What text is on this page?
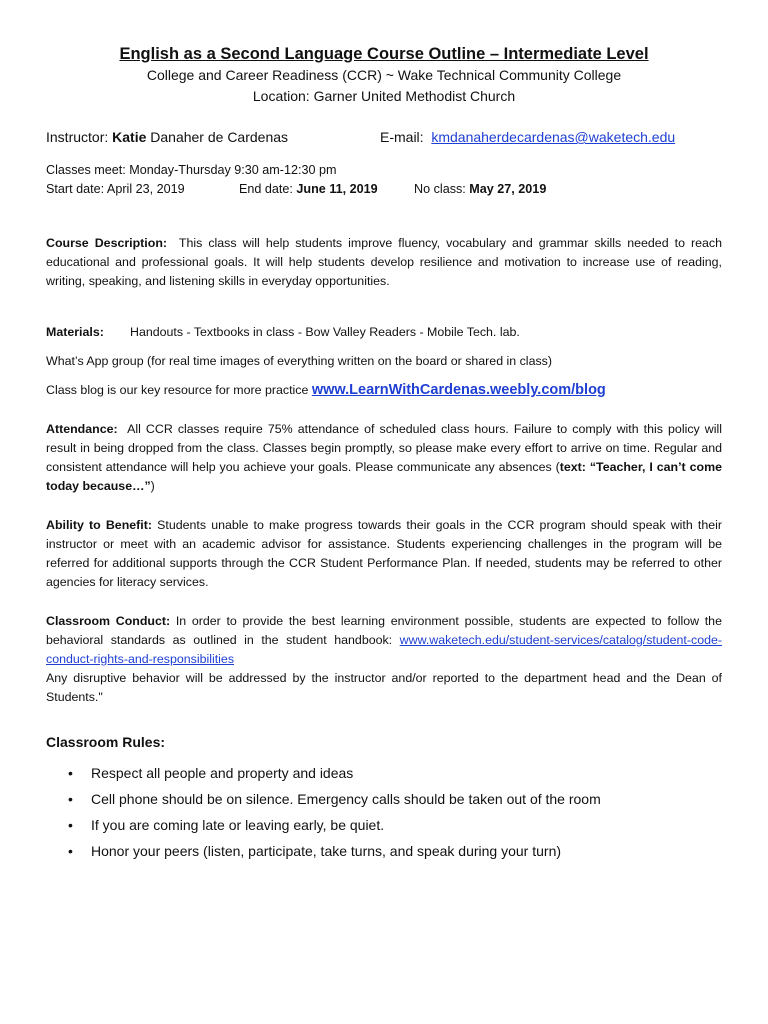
English as a Second Language Course Outline – Intermediate Level

College and Career Readiness (CCR) ~ Wake Technical Community College

Location: Garner United Methodist Church

Instructor: Katie Danaher de Cardenas	E-mail: kmdanaherdecardenas@waketech.edu
Classes meet: Monday-Thursday 9:30 am-12:30 pm
Start date: April 23, 2019	End date: June 11, 2019	No class: May 27, 2019

Course Description: This class will help students improve fluency, vocabulary and grammar skills needed to reach educational and professional goals. It will help students develop resilience and motivation to increase use of reading, writing, speaking, and listening skills in everyday opportunities.

Materials: Handouts - Textbooks in class - Bow Valley Readers - Mobile Tech. lab.

What’s App group (for real time images of everything written on the board or shared in class)

Class blog is our key resource for more practice www.LearnWithCardenas.weebly.com/blog

Attendance: All CCR classes require 75% attendance of scheduled class hours. Failure to comply with this policy will result in being dropped from the class. Classes begin promptly, so please make every effort to arrive on time. Regular and consistent attendance will help you achieve your goals. Please communicate any absences (text: “Teacher, I can’t come today because…”)

Ability to Benefit: Students unable to make progress towards their goals in the CCR program should speak with their instructor or meet with an academic advisor for assistance. Students experiencing challenges in the program will be referred for additional supports through the CCR Student Performance Plan. If needed, students may be referred to other agencies for literacy services.

Classroom Conduct: In order to provide the best learning environment possible, students are expected to follow the behavioral standards as outlined in the student handbook: www.waketech.edu/student-services/catalog/student-code-conduct-rights-and-responsibilities
Any disruptive behavior will be addressed by the instructor and/or reported to the department head and the Dean of Students."

Classroom Rules:
• Respect all people and property and ideas
• Cell phone should be on silence. Emergency calls should be taken out of the room
• If you are coming late or leaving early, be quiet.
• Honor your peers (listen, participate, take turns, and speak during your turn)
